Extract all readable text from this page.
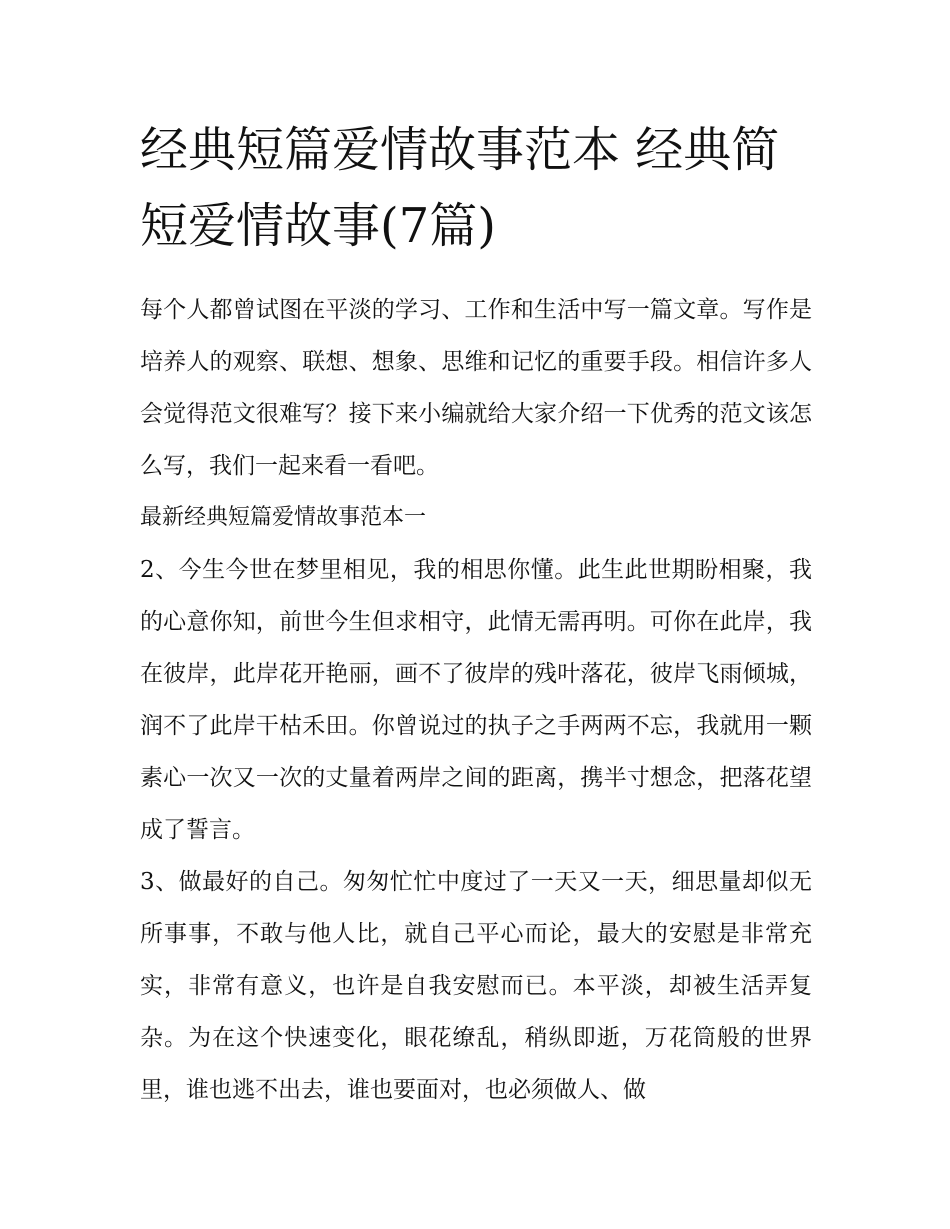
经典短篇爱情故事范本 经典简短爱情故事(7篇)

每个人都曾试图在平淡的学习、工作和生活中写一篇文章。写作是培养人的观察、联想、想象、思维和记忆的重要手段。相信许多人会觉得范文很难写？接下来小编就给大家介绍一下优秀的范文该怎么写，我们一起来看一看吧。

最新经典短篇爱情故事范本一

2、今生今世在梦里相见，我的相思你懂。此生此世期盼相聚，我的心意你知，前世今生但求相守，此情无需再明。可你在此岸，我在彼岸，此岸花开艳丽，画不了彼岸的残叶落花，彼岸飞雨倾城，润不了此岸干枯禾田。你曾说过的执子之手两两不忘，我就用一颗素心一次又一次的丈量着两岸之间的距离，携半寸想念，把落花望成了誓言。

3、做最好的自己。匆匆忙忙中度过了一天又一天，细思量却似无所事事，不敢与他人比，就自己平心而论，最大的安慰是非常充实，非常有意义，也许是自我安慰而已。本平淡，却被生活弄复杂。为在这个快速变化，眼花缭乱，稍纵即逝，万花筒般的世界里，谁也逃不出去，谁也要面对，也必须做人、做
